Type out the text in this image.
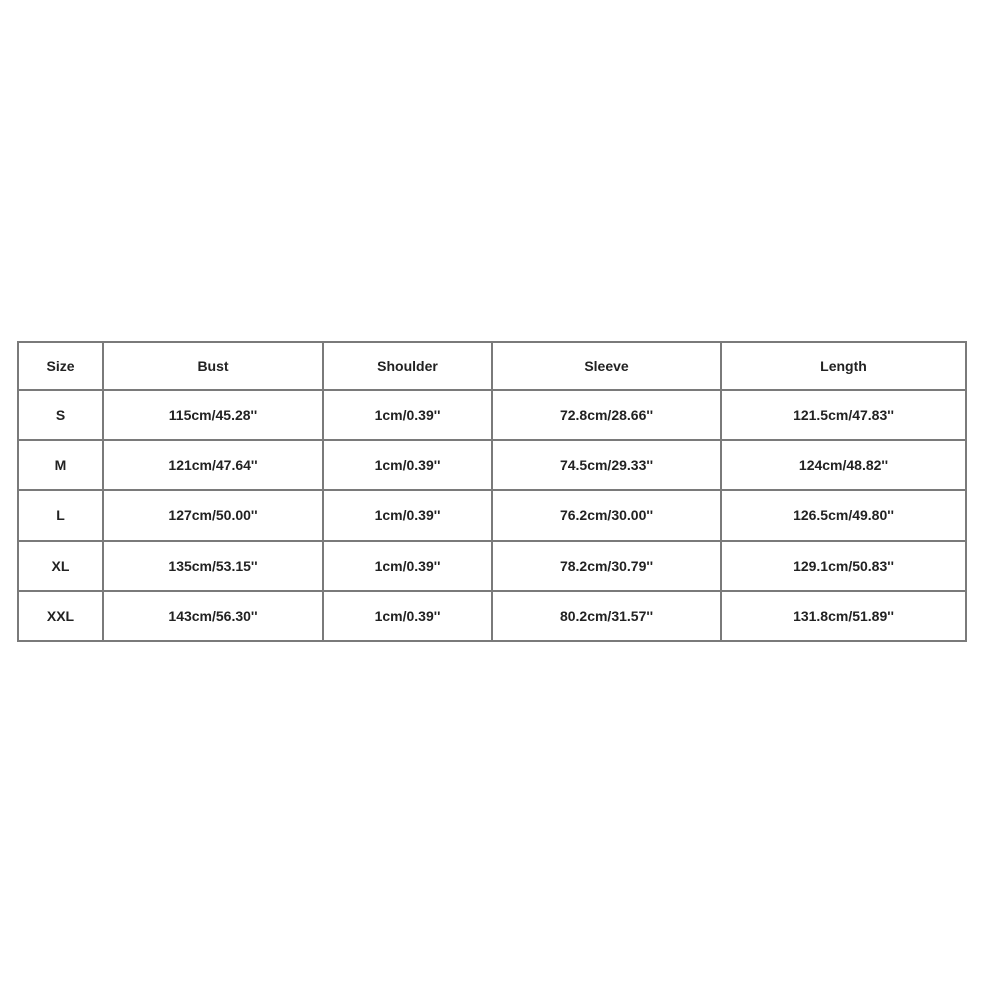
Size	Bust	Shoulder	Sleeve	Length
S	115cm/45.28''	1cm/0.39''	72.8cm/28.66''	121.5cm/47.83''
M	121cm/47.64''	1cm/0.39''	74.5cm/29.33''	124cm/48.82''
L	127cm/50.00''	1cm/0.39''	76.2cm/30.00''	126.5cm/49.80''
XL	135cm/53.15''	1cm/0.39''	78.2cm/30.79''	129.1cm/50.83''
XXL	143cm/56.30''	1cm/0.39''	80.2cm/31.57''	131.8cm/51.89''
